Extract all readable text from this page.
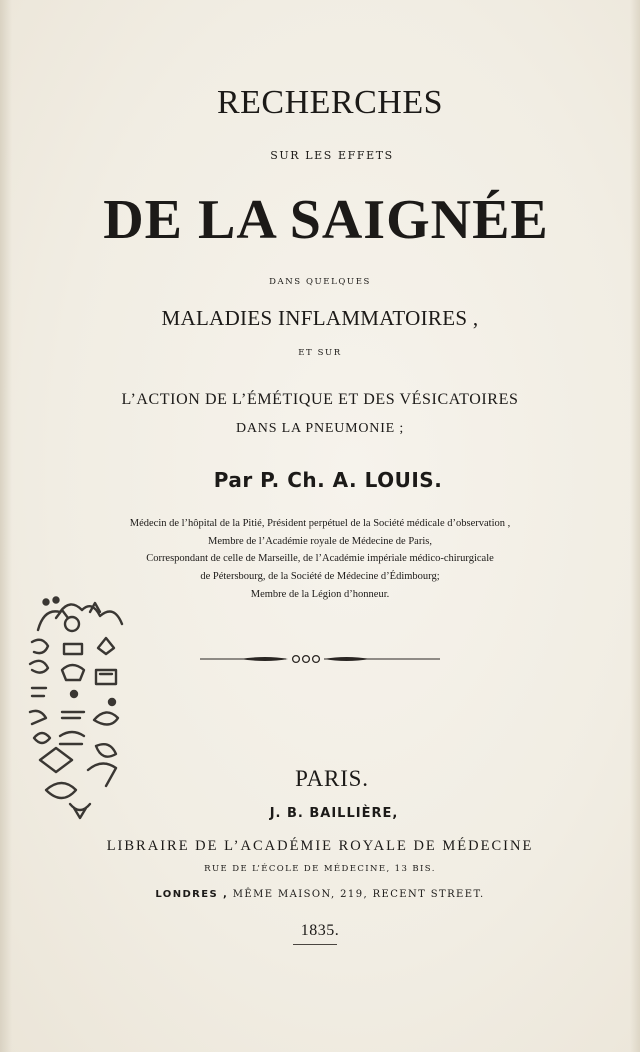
RECHERCHES
SUR LES EFFETS
DE LA SAIGNÉE
DANS QUELQUES
MALADIES INFLAMMATOIRES ,
ET SUR
L’ACTION DE L’ÉMÉTIQUE ET DES VÉSICATOIRES
DANS LA PNEUMONIE ;
Par P. Ch. A. LOUIS.
Médecin de l’hôpital de la Pitié, Président perpétuel de la Société médicale d’observation ,
Membre de l’Académie royale de Médecine de Paris,
Correspondant de celle de Marseille, de l’Académie impériale médico-chirurgicale
de Pétersbourg, de la Société de Médecine d’Édimbourg;
Membre de la Légion d’honneur.
PARIS.
J. B. BAILLIÈRE,
LIBRAIRE DE L’ACADÉMIE ROYALE DE MÉDECINE
RUE DE L’ÉCOLE DE MÉDECINE, 13 BIS.
LONDRES , MÊME MAISON, 219, RECENT STREET.
1835.
